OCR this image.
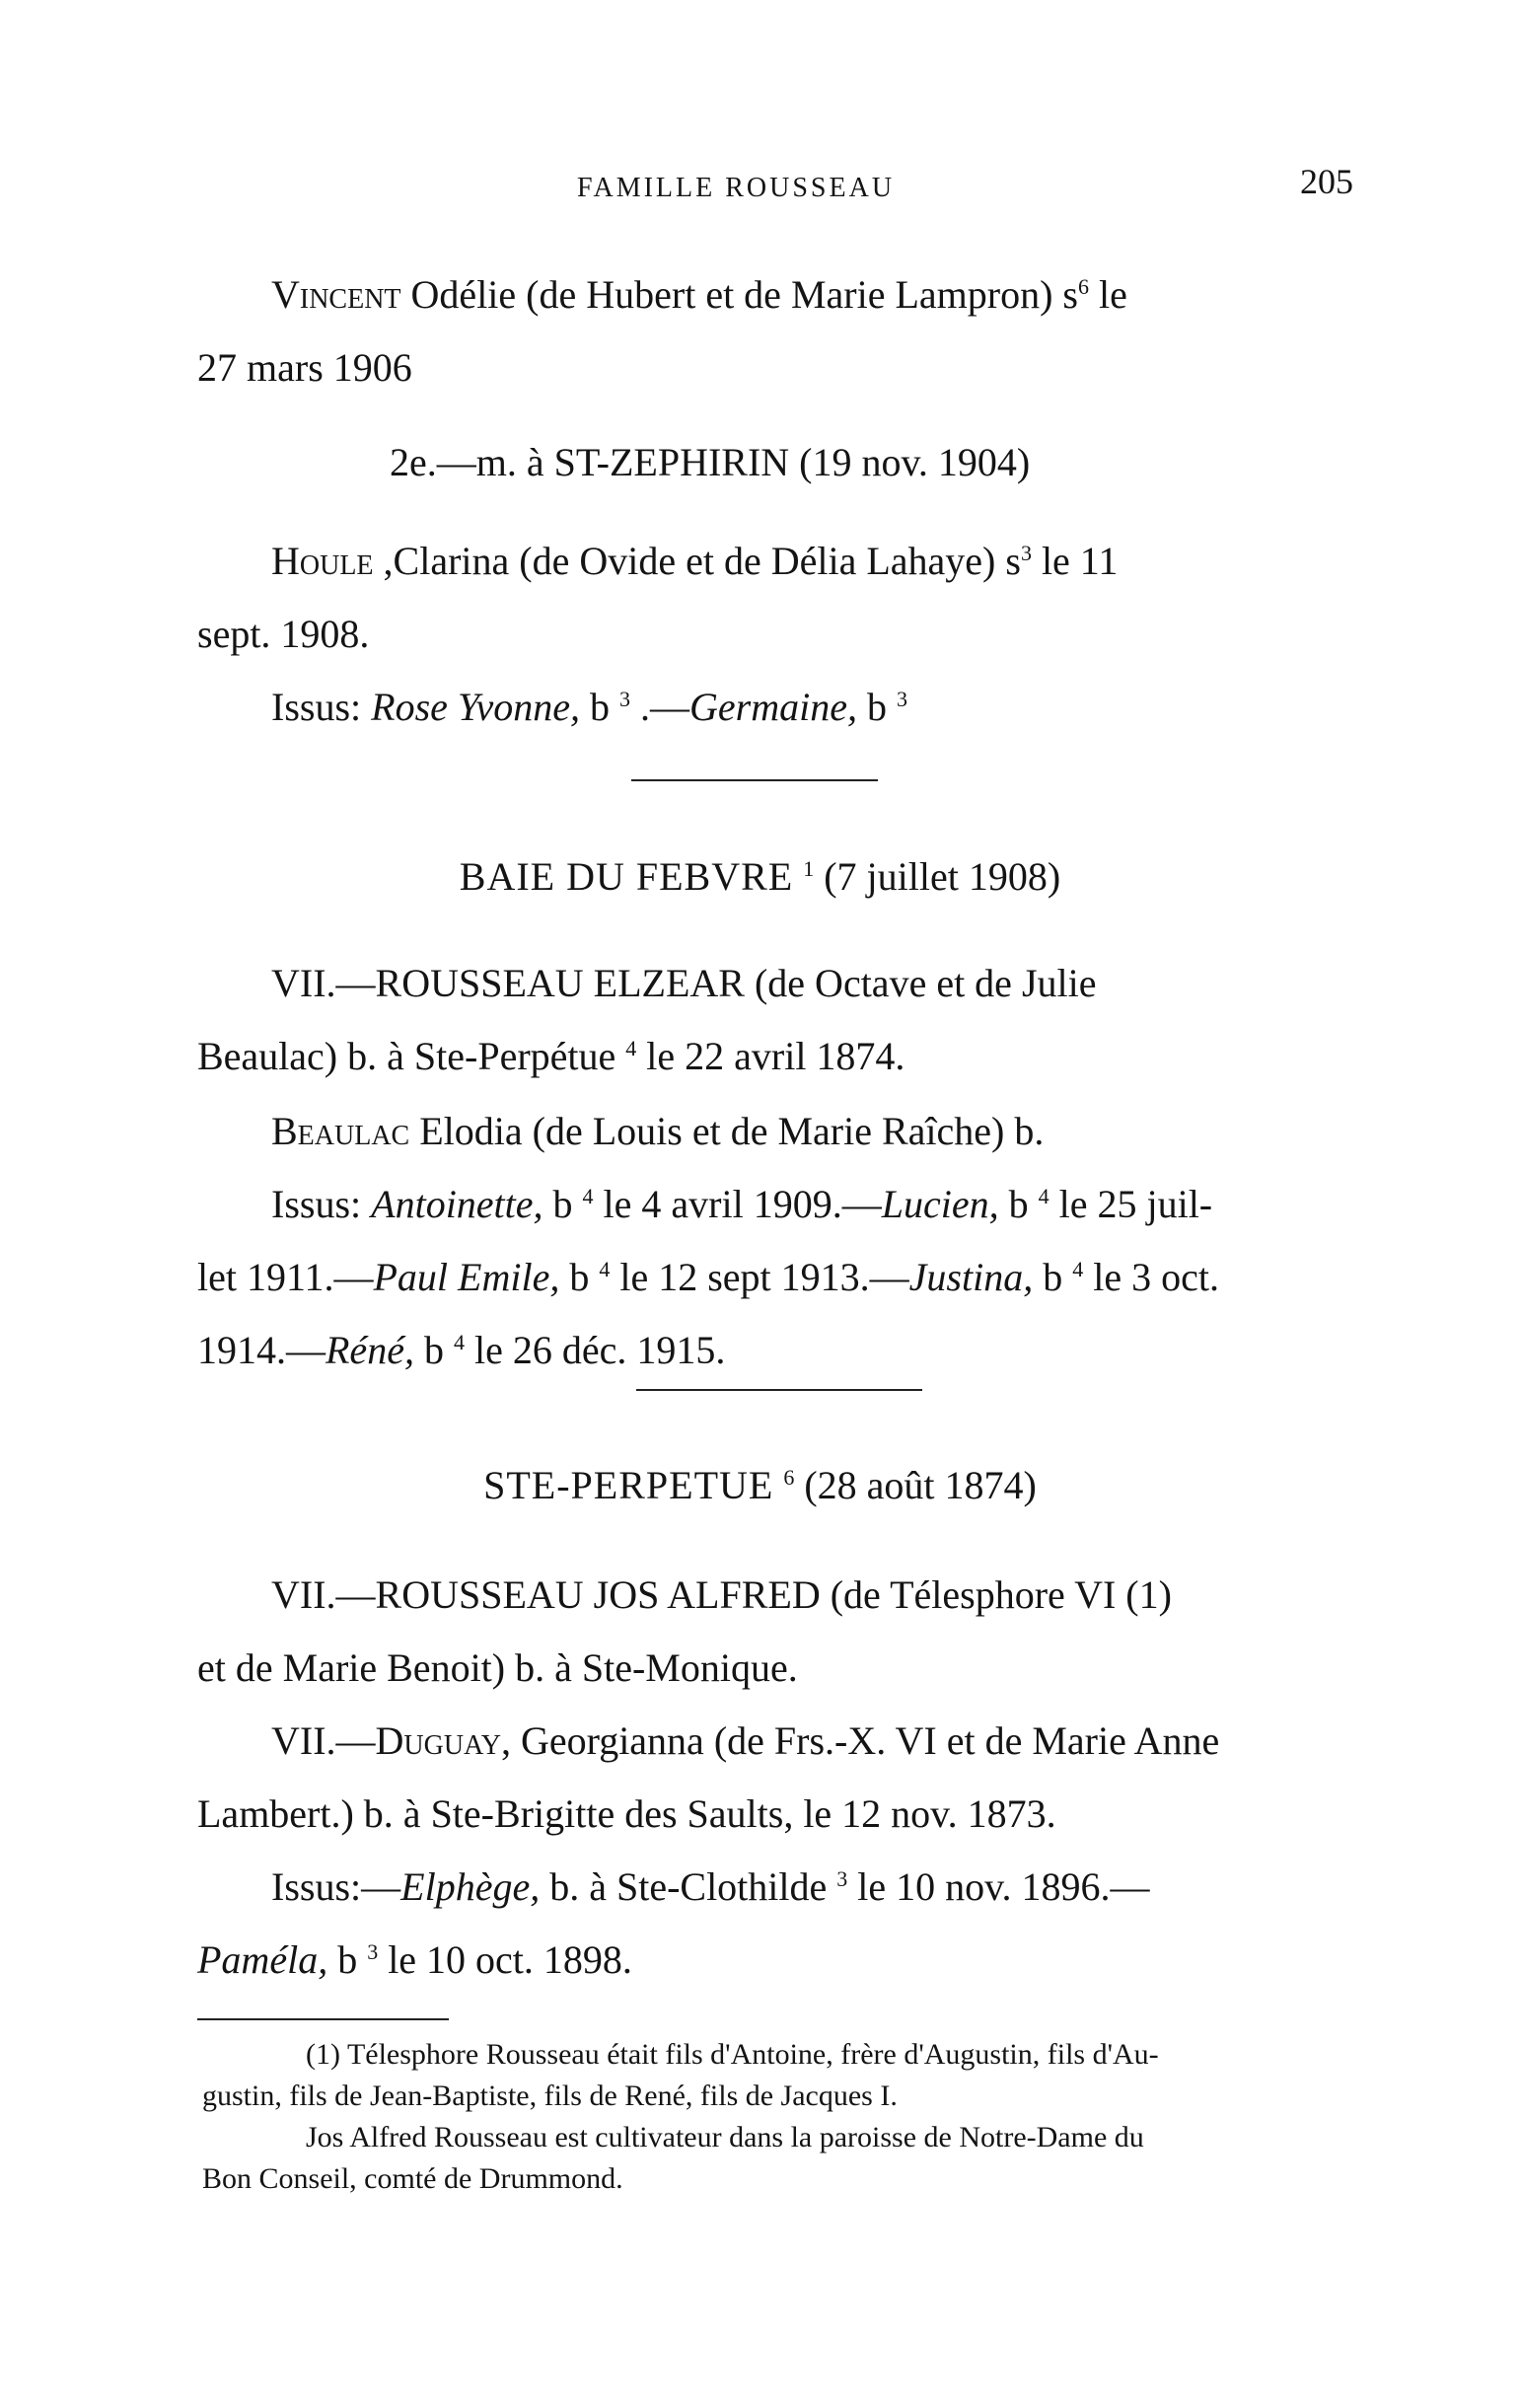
FAMILLE ROUSSEAU	205
Vincent Odélie (de Hubert et de Marie Lampron) $s^6$ le
27 mars 1906
2e.—m. à ST-ZEPHIRIN (19 nov. 1904)
Houle ,Clarina (de Ovide et de Délia Lahaye) $s^3$ le 11
sept. 1908.
Issus: Rose Yvonne, b $^3$ .—Germaine, b $^3$
BAIE DU FEBVRE $^1$ (7 juillet 1908)
VII.—ROUSSEAU ELZEAR (de Octave et de Julie
Beaulac) b. à Ste-Perpétue $^4$ le 22 avril 1874.
Beaulac Elodia (de Louis et de Marie Raîche) b.
Issus: Antoinette, b $^4$ le 4 avril 1909.—Lucien, b $^4$ le 25 juil-
let 1911.—Paul Emile, b $^4$ le 12 sept 1913.—Justina, b $^4$ le 3 oct.
1914.—Réné, b $^4$ le 26 déc. 1915.
STE-PERPETUE $^6$ (28 août 1874)
VII.—ROUSSEAU JOS ALFRED (de Télesphore VI (1)
et de Marie Benoit) b. à Ste-Monique.
VII.—Duguay, Georgianna (de Frs.-X. VI et de Marie Anne
Lambert.) b. à Ste-Brigitte des Saults, le 12 nov. 1873.
Issus:—Elphège, b. à Ste-Clothilde $^3$ le 10 nov. 1896.—
Paméla, b $^3$ le 10 oct. 1898.
(1) Télesphore Rousseau était fils d'Antoine, frère d'Augustin, fils d'Au-
gustin, fils de Jean-Baptiste, fils de René, fils de Jacques I.
Jos Alfred Rousseau est cultivateur dans la paroisse de Notre-Dame du
Bon Conseil, comté de Drummond.
